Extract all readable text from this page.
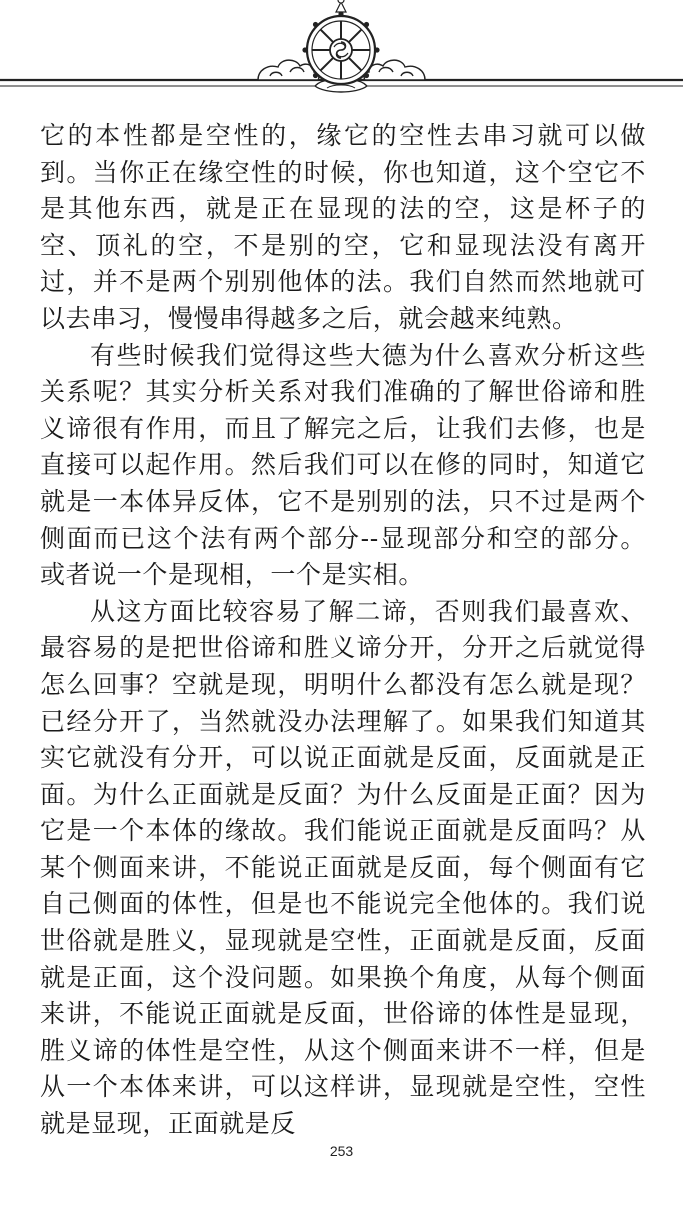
它的本性都是空性的，缘它的空性去串习就可以做到。当你正在缘空性的时候，你也知道，这个空它不是其他东西，就是正在显现的法的空，这是杯子的空、顶礼的空，不是别的空，它和显现法没有离开过，并不是两个别别他体的法。我们自然而然地就可以去串习，慢慢串得越多之后，就会越来纯熟。

有些时候我们觉得这些大德为什么喜欢分析这些关系呢？其实分析关系对我们准确的了解世俗谛和胜义谛很有作用，而且了解完之后，让我们去修，也是直接可以起作用。然后我们可以在修的同时，知道它就是一本体异反体，它不是别别的法，只不过是两个侧面而已这个法有两个部分--显现部分和空的部分。或者说一个是现相，一个是实相。

从这方面比较容易了解二谛，否则我们最喜欢、最容易的是把世俗谛和胜义谛分开，分开之后就觉得怎么回事？空就是现，明明什么都没有怎么就是现？已经分开了，当然就没办法理解了。如果我们知道其实它就没有分开，可以说正面就是反面，反面就是正面。为什么正面就是反面？为什么反面是正面？因为它是一个本体的缘故。我们能说正面就是反面吗？从某个侧面来讲，不能说正面就是反面，每个侧面有它自己侧面的体性，但是也不能说完全他体的。我们说世俗就是胜义，显现就是空性，正面就是反面，反面就是正面，这个没问题。如果换个角度，从每个侧面来讲，不能说正面就是反面，世俗谛的体性是显现，胜义谛的体性是空性，从这个侧面来讲不一样，但是从一个本体来讲，可以这样讲，显现就是空性，空性就是显现，正面就是反

253
